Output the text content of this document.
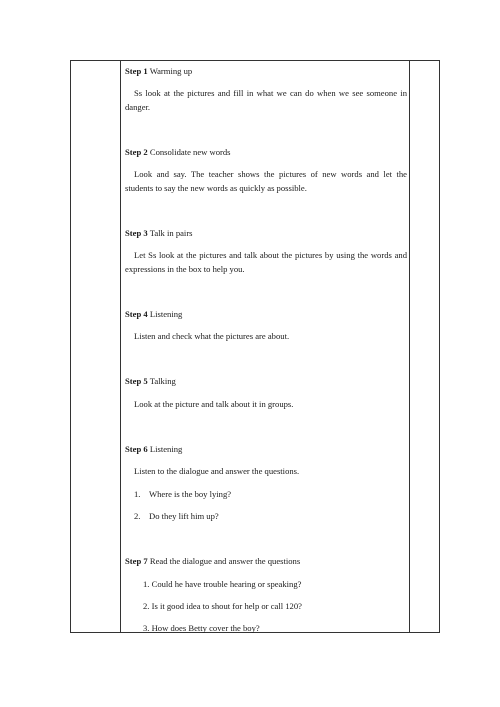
Step 1 Warming up

Ss look at the pictures and fill in what we can do when we see someone in danger.

Step 2 Consolidate new words

Look and say. The teacher shows the pictures of new words and let the students to say the new words as quickly as possible.

Step 3 Talk in pairs

Let Ss look at the pictures and talk about the pictures by using the words and expressions in the box to help you.

Step 4 Listening

Listen and check what the pictures are about.

Step 5 Talking

Look at the picture and talk about it in groups.

Step 6 Listening

Listen to the dialogue and answer the questions.

1. Where is the boy lying?

2. Do they lift him up?

Step 7 Read the dialogue and answer the questions

1. Could he have trouble hearing or speaking?

2. Is it good idea to shout for help or call 120?

3. How does Betty cover the boy?
